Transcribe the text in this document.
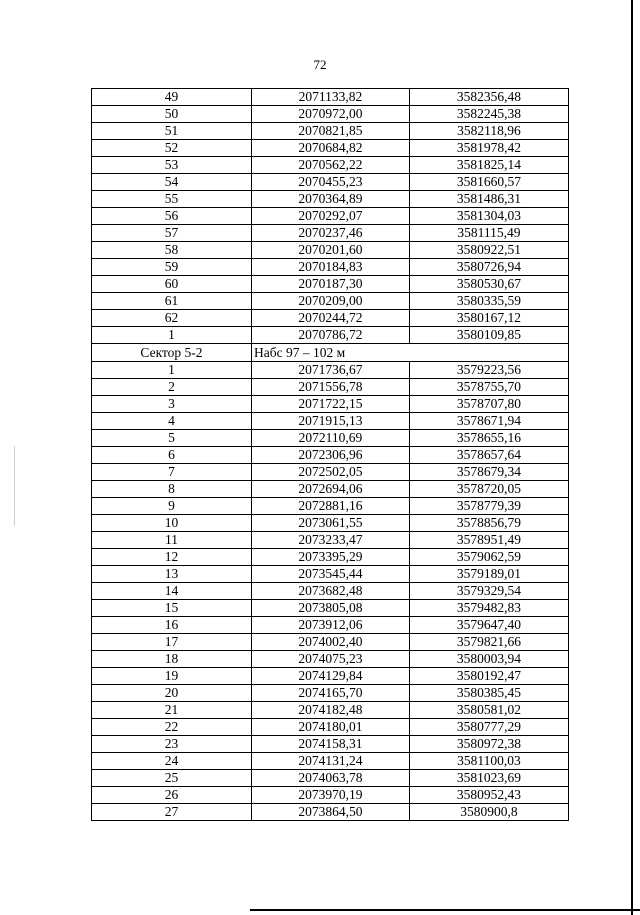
72
49	2071133,82	3582356,48
50	2070972,00	3582245,38
51	2070821,85	3582118,96
52	2070684,82	3581978,42
53	2070562,22	3581825,14
54	2070455,23	3581660,57
55	2070364,89	3581486,31
56	2070292,07	3581304,03
57	2070237,46	3581115,49
58	2070201,60	3580922,51
59	2070184,83	3580726,94
60	2070187,30	3580530,67
61	2070209,00	3580335,59
62	2070244,72	3580167,12
1	2070786,72	3580109,85
Сектор 5-2	Набс 97 – 102 м	
1	2071736,67	3579223,56
2	2071556,78	3578755,70
3	2071722,15	3578707,80
4	2071915,13	3578671,94
5	2072110,69	3578655,16
6	2072306,96	3578657,64
7	2072502,05	3578679,34
8	2072694,06	3578720,05
9	2072881,16	3578779,39
10	2073061,55	3578856,79
11	2073233,47	3578951,49
12	2073395,29	3579062,59
13	2073545,44	3579189,01
14	2073682,48	3579329,54
15	2073805,08	3579482,83
16	2073912,06	3579647,40
17	2074002,40	3579821,66
18	2074075,23	3580003,94
19	2074129,84	3580192,47
20	2074165,70	3580385,45
21	2074182,48	3580581,02
22	2074180,01	3580777,29
23	2074158,31	3580972,38
24	2074131,24	3581100,03
25	2074063,78	3581023,69
26	2073970,19	3580952,43
27	2073864,50	3580900,8
